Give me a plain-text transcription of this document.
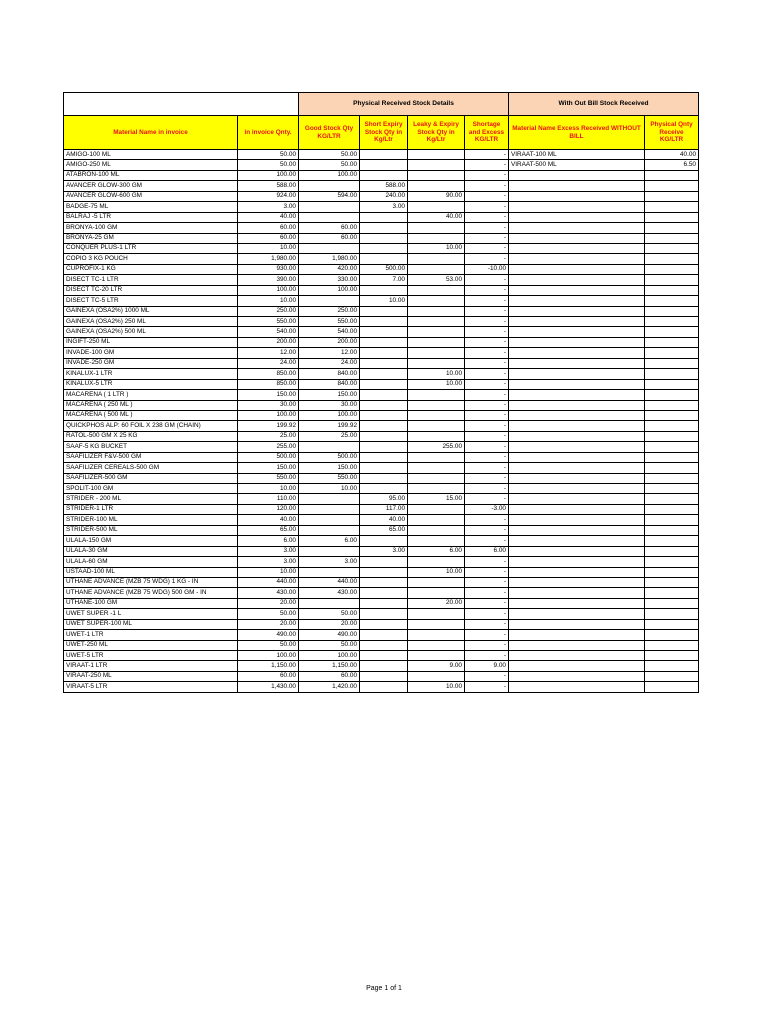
		Physical Received Stock Details				With Out Bill Stock Received	
Material Name in invoice	in invoice Qnty.	Good Stock Qty KG/LTR	Short Expiry Stock Qty in Kg/Ltr	Leaky & Expiry Stock Qty in Kg/Ltr	Shortage and Excess KG/LTR	Material Name Excess Received WITHOUT BILL	Physical Qnty Receive KG/LTR
AMIGO-100 ML	50.00	50.00			-	VIRAAT-100 ML	40.00
AMIGO-250 ML	50.00	50.00			-	VIRAAT-500 ML	6.50
ATABRON-100 ML	100.00	100.00			-		
AVANCER GLOW-300 GM	588.00		588.00		-		
AVANCER GLOW-600 GM	924.00	594.00	240.00	90.00	-		
BADGE-75 ML	3.00		3.00		-		
BALRAJ -5 LTR	40.00			40.00	-		
BRONYA-100 GM	60.00	60.00			-		
BRONYA-25 GM	60.00	60.00			-		
CONQUER PLUS-1 LTR	10.00			10.00	-		
COPIO 3 KG POUCH	1,980.00	1,980.00			-		
CUPROFIX-1 KG	930.00	420.00	500.00		-10.00		
DISECT TC-1 LTR	390.00	330.00	7.00	53.00	-		
DISECT TC-20 LTR	100.00	100.00			-		
DISECT TC-5 LTR	10.00		10.00		-		
GAINEXA (OSA2%) 1000 ML	250.00	250.00			-		
GAINEXA (OSA2%) 250 ML	550.00	550.00			-		
GAINEXA (OSA2%) 500 ML	540.00	540.00			-		
INGIFT-250 ML	200.00	200.00			-		
INVADE-100 GM	12.00	12.00			-		
INVADE-250 GM	24.00	24.00			-		
KINALUX-1 LTR	850.00	840.00		10.00	-		
KINALUX-5 LTR	850.00	840.00		10.00	-		
MACARENA ( 1 LTR )	150.00	150.00			-		
MACARENA ( 250 ML )	30.00	30.00			-		
MACARENA ( 500 ML )	100.00	100.00			-		
QUICKPHOS ALP: 60 FOIL X 238 GM (CHAIN)	199.92	199.92			-		
RATOL-500 GM X 25 KG	25.00	25.00			-		
SAAF-5 KG BUCKET	255.00			255.00	-		
SAAFILIZER F&V-500 GM	500.00	500.00			-		
SAAFILIZER CEREALS-500 GM	150.00	150.00			-		
SAAFILIZER-500 GM	550.00	550.00			-		
SPOLIT-100 GM	10.00	10.00			-		
STRIDER - 200 ML	110.00		95.00	15.00	-		
STRIDER-1 LTR	120.00		117.00		-3.00		
STRIDER-100 ML	40.00		40.00		-		
STRIDER-500 ML	65.00		65.00		-		
ULALA-150 GM	6.00	6.00			-		
ULALA-30 GM	3.00		3.00	6.00	6.00		
ULALA-60 GM	3.00	3.00			-		
USTAAD-100 ML	10.00			10.00	-		
UTHANE ADVANCE (MZB 75 WDG) 1 KG - IN	440.00	440.00			-		
UTHANE ADVANCE (MZB 75 WDG) 500 GM - IN	430.00	430.00			-		
UTHANE-100 GM	20.00			20.00	-		
UWET SUPER -1 L	50.00	50.00			-		
UWET SUPER-100 ML	20.00	20.00			-		
UWET-1 LTR	490.00	490.00			-		
UWET-250 ML	50.00	50.00			-		
UWET-5 LTR	100.00	100.00			-		
VIRAAT-1 LTR	1,150.00	1,150.00		9.00	9.00		
VIRAAT-250 ML	60.00	60.00			-		
VIRAAT-5 LTR	1,430.00	1,420.00		10.00	-		
Page 1 of 1
